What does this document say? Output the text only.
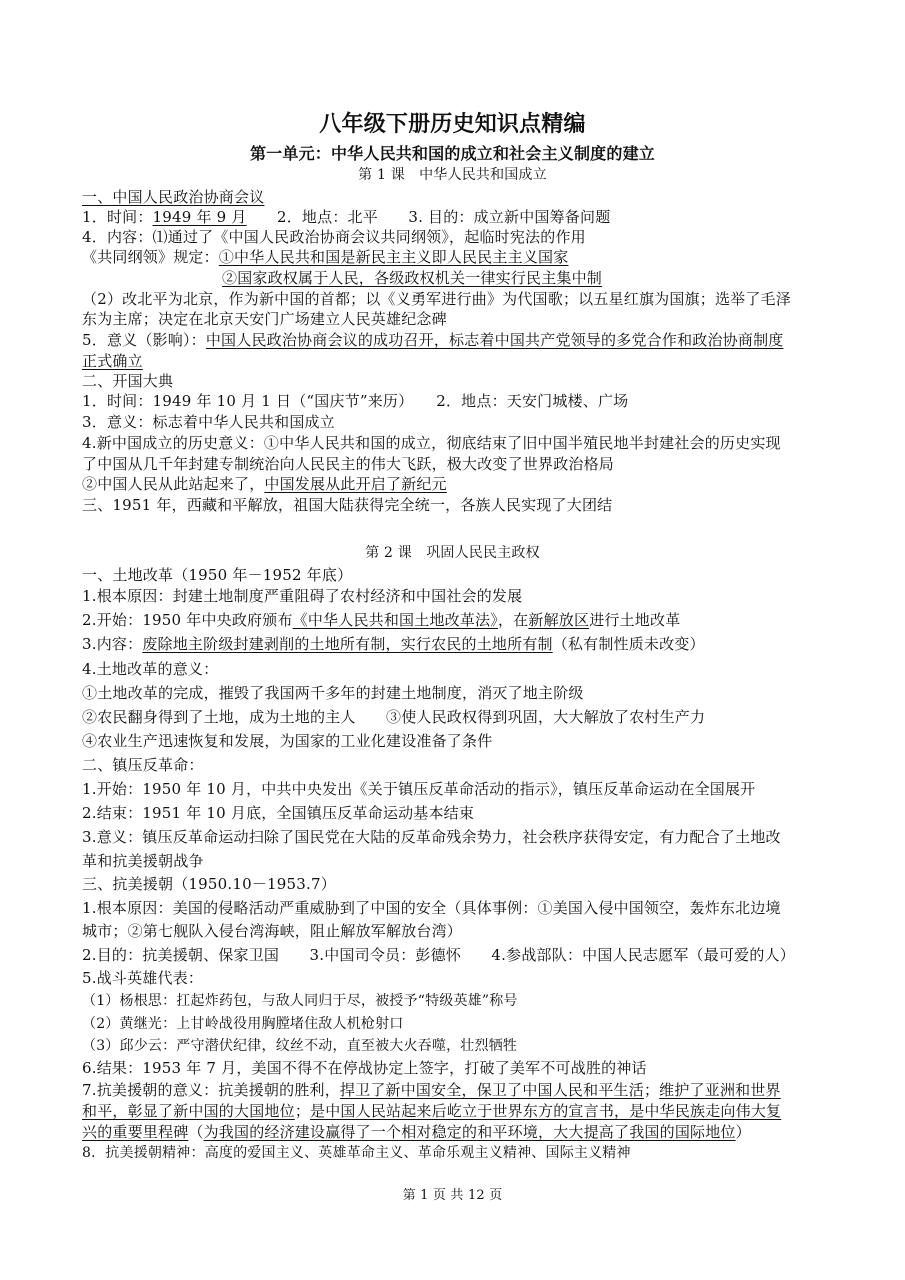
八年级下册历史知识点精编
第一单元：中华人民共和国的成立和社会主义制度的建立
第 1 课　中华人民共和国成立
一、中国人民政治协商会议
1．时间：1949 年 9 月　　2．地点：北平　　3. 目的：成立新中国筹备问题
4．内容：⑴通过了《中国人民政治协商会议共同纲领》，起临时宪法的作用
《共同纲领》规定：①中华人民共和国是新民主主义即人民民主主义国家
②国家政权属于人民，各级政权机关一律实行民主集中制
（2）改北平为北京，作为新中国的首都；以《义勇军进行曲》为代国歌；以五星红旗为国旗；选举了毛泽
东为主席；决定在北京天安门广场建立人民英雄纪念碑
5．意义（影响）：中国人民政治协商会议的成功召开，标志着中国共产党领导的多党合作和政治协商制度
正式确立
二、开国大典
1．时间：1949 年 10 月 1 日（“国庆节”来历）　　2．地点：天安门城楼、广场
3．意义：标志着中华人民共和国成立
4.新中国成立的历史意义：①中华人民共和国的成立，彻底结束了旧中国半殖民地半封建社会的历史实现
了中国从几千年封建专制统治向人民民主的伟大飞跃，极大改变了世界政治格局
②中国人民从此站起来了，中国发展从此开启了新纪元
三、1951 年，西藏和平解放，祖国大陆获得完全统一，各族人民实现了大团结
第 2 课　巩固人民民主政权
一、土地改革（1950 年－1952 年底）
1.根本原因：封建土地制度严重阻碍了农村经济和中国社会的发展
2.开始：1950 年中央政府颁布《中华人民共和国土地改革法》，在新解放区进行土地改革
3.内容：废除地主阶级封建剥削的土地所有制，实行农民的土地所有制（私有制性质未改变）
4.土地改革的意义：
①土地改革的完成，摧毁了我国两千多年的封建土地制度，消灭了地主阶级
②农民翻身得到了土地，成为土地的主人　　③使人民政权得到巩固，大大解放了农村生产力
④农业生产迅速恢复和发展，为国家的工业化建设准备了条件
二、镇压反革命：
1.开始：1950 年 10 月，中共中央发出《关于镇压反革命活动的指示》，镇压反革命运动在全国展开
2.结束：1951 年 10 月底，全国镇压反革命运动基本结束
3.意义：镇压反革命运动扫除了国民党在大陆的反革命残余势力，社会秩序获得安定，有力配合了土地改
革和抗美援朝战争
三、抗美援朝（1950.10－1953.7）
1.根本原因：美国的侵略活动严重威胁到了中国的安全（具体事例：①美国入侵中国领空，轰炸东北边境
城市；②第七舰队入侵台湾海峡，阻止解放军解放台湾）
2.目的：抗美援朝、保家卫国　　3.中国司令员：彭德怀　　4.参战部队：中国人民志愿军（最可爱的人）
5.战斗英雄代表：
（1）杨根思：扛起炸药包，与敌人同归于尽，被授予“特级英雄”称号
（2）黄继光：上甘岭战役用胸膛堵住敌人机枪射口
（3）邱少云：严守潜伏纪律，纹丝不动，直至被大火吞噬，壮烈牺牲
6.结果：1953 年 7 月，美国不得不在停战协定上签字，打破了美军不可战胜的神话
7.抗美援朝的意义：抗美援朝的胜利，捍卫了新中国安全，保卫了中国人民和平生活；维护了亚洲和世界
和平，彰显了新中国的大国地位；是中国人民站起来后屹立于世界东方的宣言书，是中华民族走向伟大复
兴的重要里程碑（为我国的经济建设赢得了一个相对稳定的和平环境，大大提高了我国的国际地位）
8．抗美援朝精神：高度的爱国主义、英雄革命主义、革命乐观主义精神、国际主义精神
第 1 页 共 12 页
